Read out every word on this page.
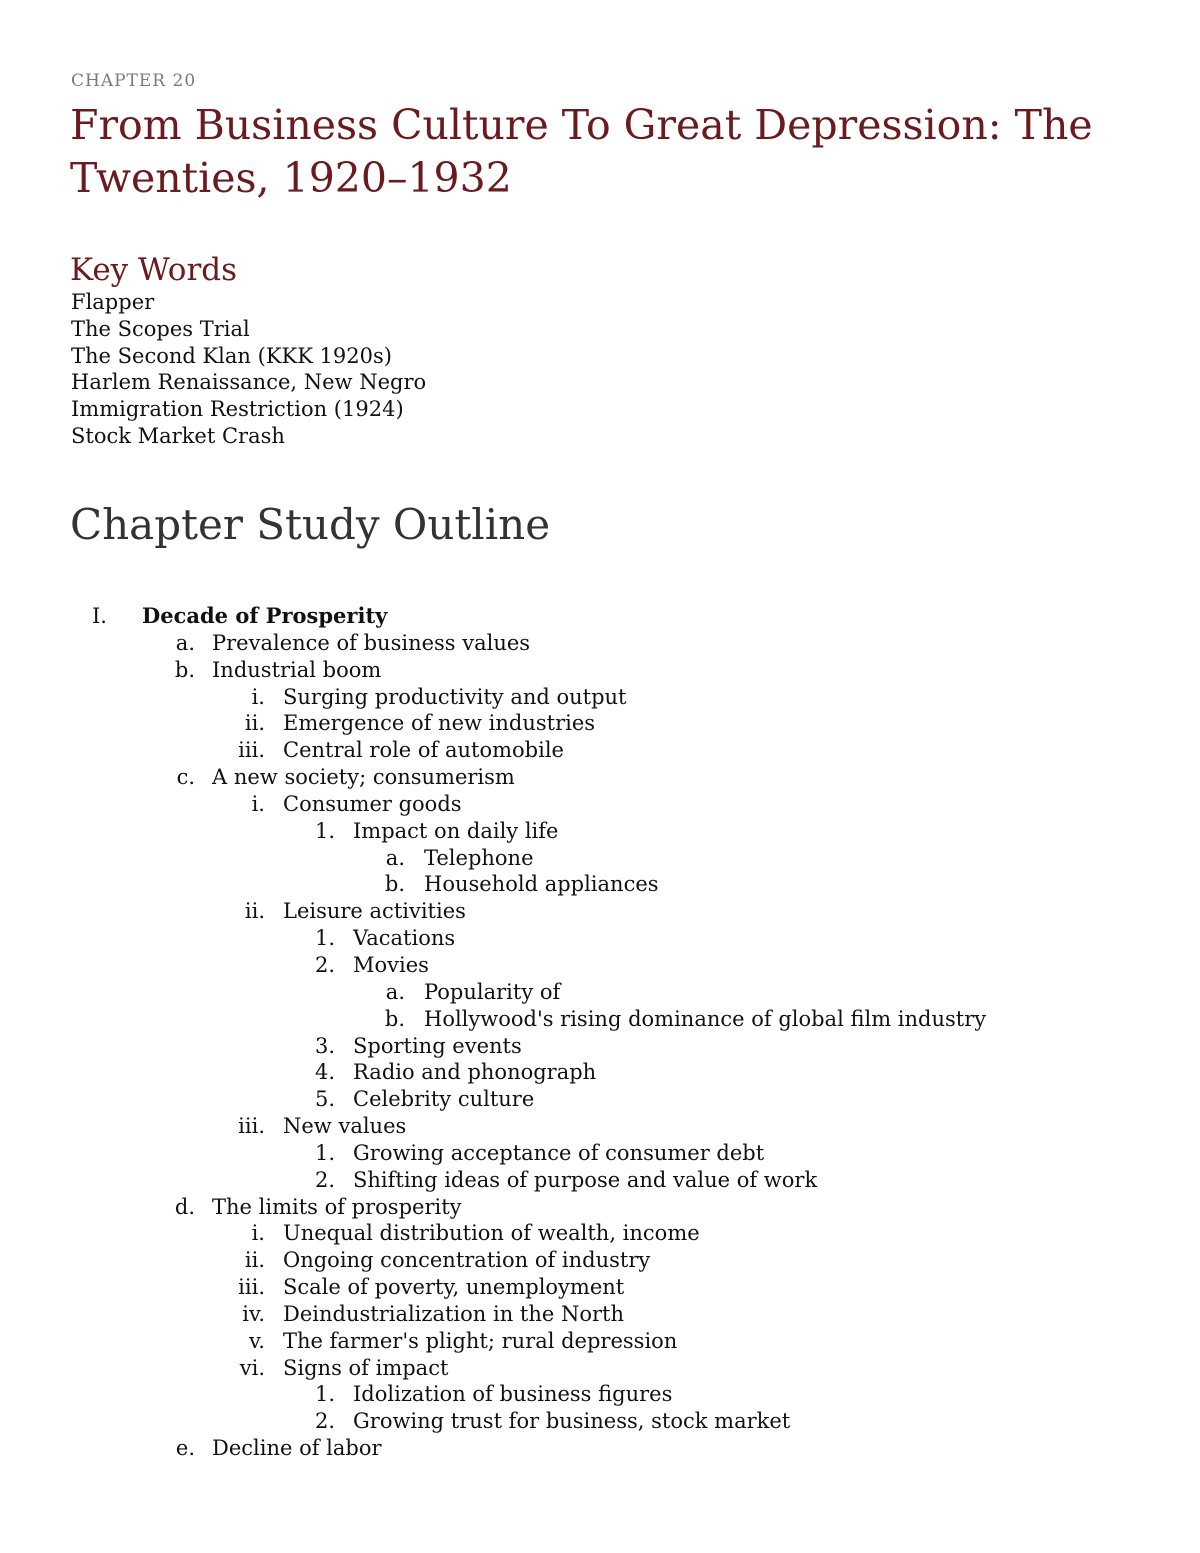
CHAPTER 20
From Business Culture To Great Depression: The Twenties, 1920–1932
Key Words
Flapper
The Scopes Trial
The Second Klan (KKK 1920s)
Harlem Renaissance, New Negro
Immigration Restriction (1924)
Stock Market Crash
Chapter Study Outline
I. Decade of Prosperity
a. Prevalence of business values
b. Industrial boom
i. Surging productivity and output
ii. Emergence of new industries
iii. Central role of automobile
c. A new society; consumerism
i. Consumer goods
1. Impact on daily life
a. Telephone
b. Household appliances
ii. Leisure activities
1. Vacations
2. Movies
a. Popularity of
b. Hollywood's rising dominance of global film industry
3. Sporting events
4. Radio and phonograph
5. Celebrity culture
iii. New values
1. Growing acceptance of consumer debt
2. Shifting ideas of purpose and value of work
d. The limits of prosperity
i. Unequal distribution of wealth, income
ii. Ongoing concentration of industry
iii. Scale of poverty, unemployment
iv. Deindustrialization in the North
v. The farmer's plight; rural depression
vi. Signs of impact
1. Idolization of business figures
2. Growing trust for business, stock market
e. Decline of labor
